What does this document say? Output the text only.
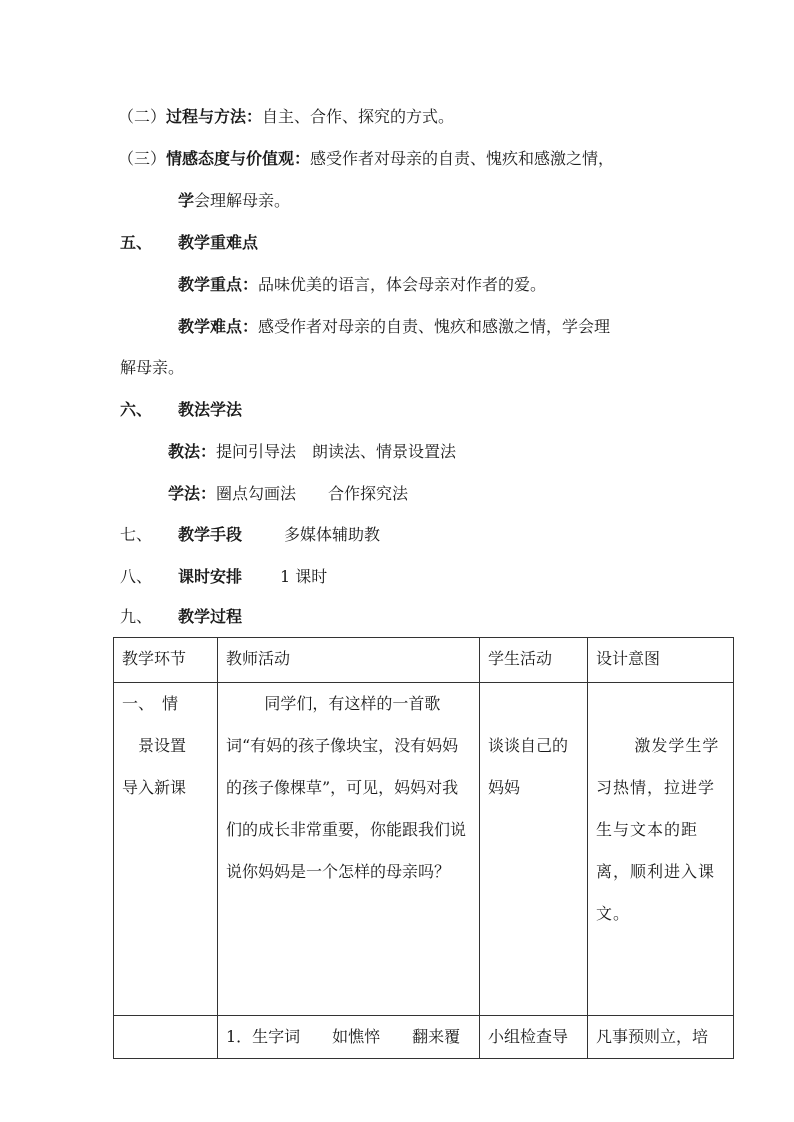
（二）过程与方法：自主、合作、探究的方式。
（三）情感态度与价值观：感受作者对母亲的自责、愧疚和感激之情，
学会理解母亲。
五、 教学重难点
教学重点：品味优美的语言，体会母亲对作者的爱。
教学难点：感受作者对母亲的自责、愧疚和感激之情，学会理
解母亲。
六、 教法学法
教法：提问引导法　朗读法、情景设置法
学法：圈点勾画法　　合作探究法
七、 教学手段	多媒体辅助教
八、 课时安排 1 课时
九、 教学过程
教学环节	教师活动	学生活动	设计意图

一、　情
　景设置
导入新课	同学们，有这样的一首歌词“有妈的孩子像块宝，没有妈妈的孩子像棵草”，可见，妈妈对我们的成长非常重要，你能跟我们说说你妈妈是一个怎样的母亲吗？	谈谈自己的妈妈	激发学生学习热情，拉进学生与文本的距离，顺利进入课文。

	1．生字词　　如憔悴　　翻来覆	小组检查导	凡事预则立，培
